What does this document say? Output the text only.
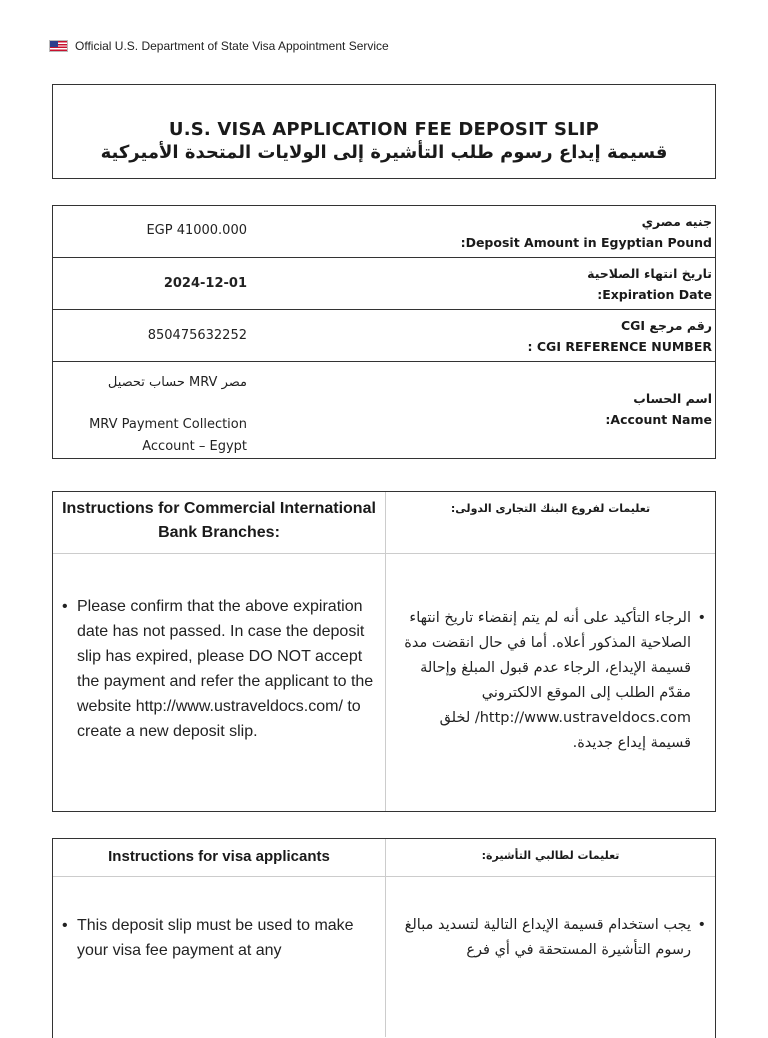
Official U.S. Department of State Visa Appointment Service
U.S. VISA APPLICATION FEE DEPOSIT SLIP
قسيمة إيداع رسوم طلب التأشيرة إلى الولايات المتحدة الأميركية
EGP 41000.000
جنيه مصري
:Deposit Amount in Egyptian Pound
2024-12-01
تاريخ انتهاء الصلاحية
:Expiration Date
850475632252
رقم مرجع CGI
: CGI REFERENCE NUMBER
مصر MRV حساب تحصيل
MRV Payment Collection
Account – Egypt
اسم الحساب
:Account Name
Instructions for Commercial International Bank Branches:
تعليمات لفروع البنك التجارى الدولى:
• Please confirm that the above expiration date has not passed. In case the deposit slip has expired, please DO NOT accept the payment and refer the applicant to the website http://www.ustraveldocs.com/ to create a new deposit slip.
• الرجاء التأكيد على أنه لم يتم إنقضاء تاريخ انتهاء الصلاحية المذكور أعلاه. أما في حال انقضت مدة قسيمة الإيداع، الرجاء عدم قبول المبلغ وإحالة مقدّم الطلب إلى الموقع الالكتروني http://www.ustraveldocs.com/ لخلق قسيمة إيداع جديدة.
Instructions for visa applicants	تعليمات لطالبي التأشيرة:
• This deposit slip must be used to make your visa fee payment at any
• يجب استخدام قسيمة الإيداع التالية لتسديد مبالغ رسوم التأشيرة المستحقة في أي فرع
